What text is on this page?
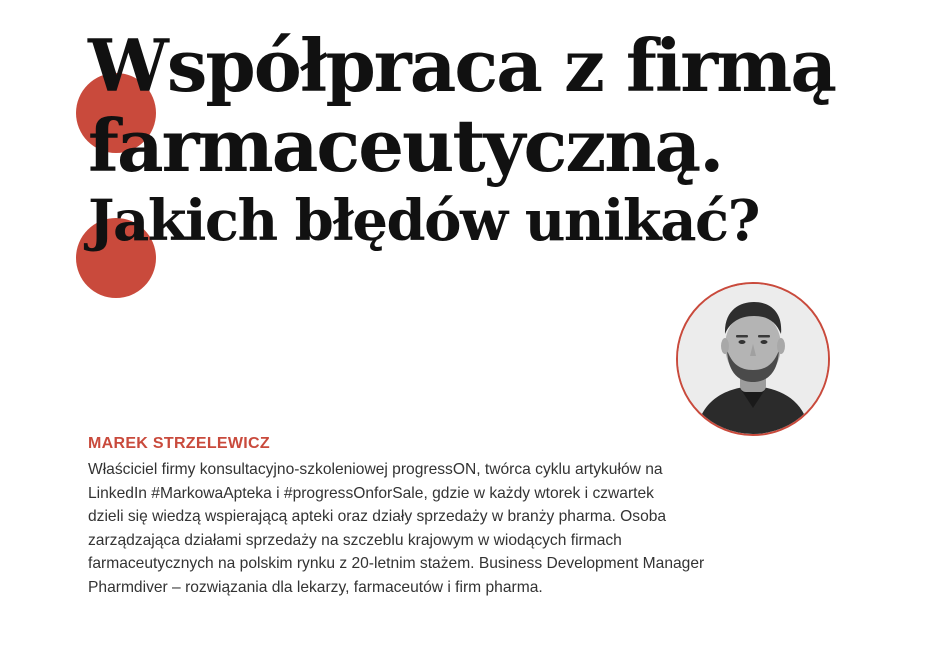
Współpraca z firmą
farmaceutyczną.
Jakich błędów unikać?

MAREK STRZELEWICZ

Właściciel firmy konsultacyjno-szkoleniowej progressON, twórca cyklu artykułów na
LinkedIn #MarkowaApteka i #progressOnforSale, gdzie w każdy wtorek i czwartek
dzieli się wiedzą wspierającą apteki oraz działy sprzedaży w branży pharma. Osoba
zarządzająca działami sprzedaży na szczeblu krajowym w wiodących firmach
farmaceutycznych na polskim rynku z 20-letnim stażem. Business Development Manager
Pharmdiver – rozwiązania dla lekarzy, farmaceutów i firm pharma.
